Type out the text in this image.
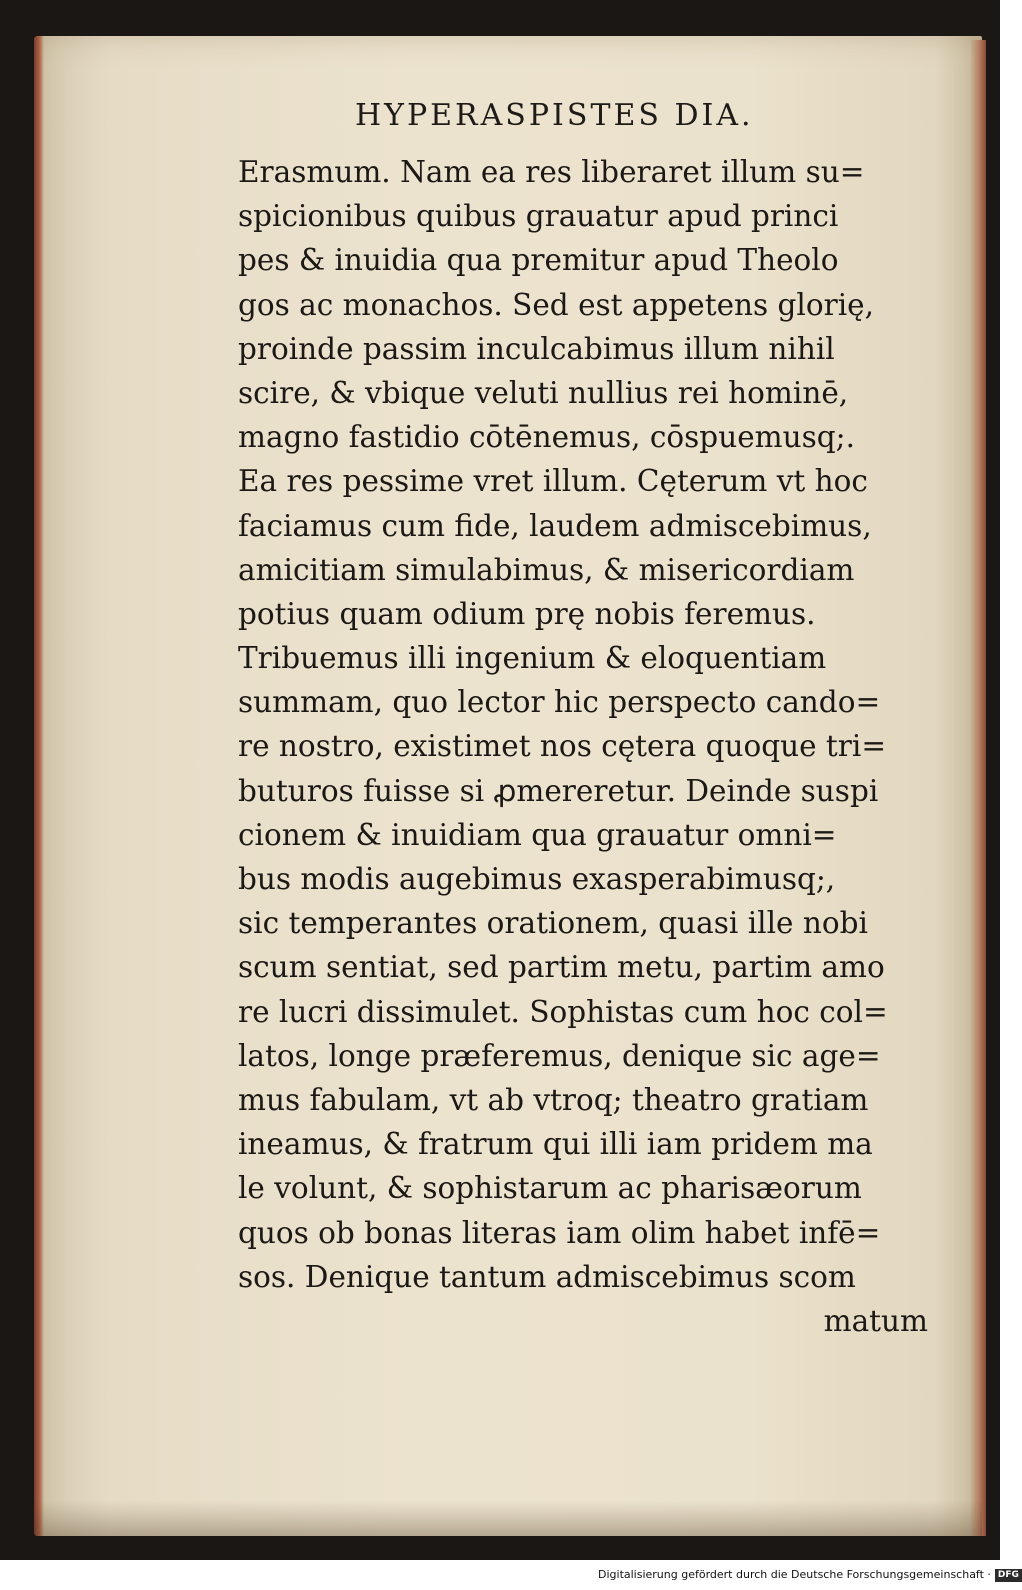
HYPERASPISTES DIA.
Erasmum. Nam ea res liberaret illum su=
spicionibus quibus grauatur apud princi
pes & inuidia qua premitur apud Theolo
gos ac monachos. Sed est appetens glorię,
proinde passim inculcabimus illum nihil
scire, & vbique veluti nullius rei hominē,
magno fastidio cōtēnemus, cōspuemusq;.
Ea res pessime vret illum. Cęterum vt hoc
faciamus cum fide, laudem admiscebimus,
amicitiam simulabimus, & misericordiam
potius quam odium prę nobis feremus.
Tribuemus illi ingenium & eloquentiam
summam, quo lector hic perspecto cando=
re nostro, existimet nos cętera quoque tri=
buturos fuisse si ꝓmereretur. Deinde suspi
cionem & inuidiam qua grauatur omni=
bus modis augebimus exasperabimusq;,
sic temperantes orationem, quasi ille nobi
scum sentiat, sed partim metu, partim amo
re lucri dissimulet. Sophistas cum hoc col=
latos, longe præferemus, denique sic age=
mus fabulam, vt ab vtroq; theatro gratiam
ineamus, & fratrum qui illi iam pridem ma
le volunt, & sophistarum ac pharisæorum
quos ob bonas literas iam olim habet infē=
sos. Denique tantum admiscebimus scom
matum
Digitalisierung gefördert durch die Deutsche Forschungsgemeinschaft · DFG
